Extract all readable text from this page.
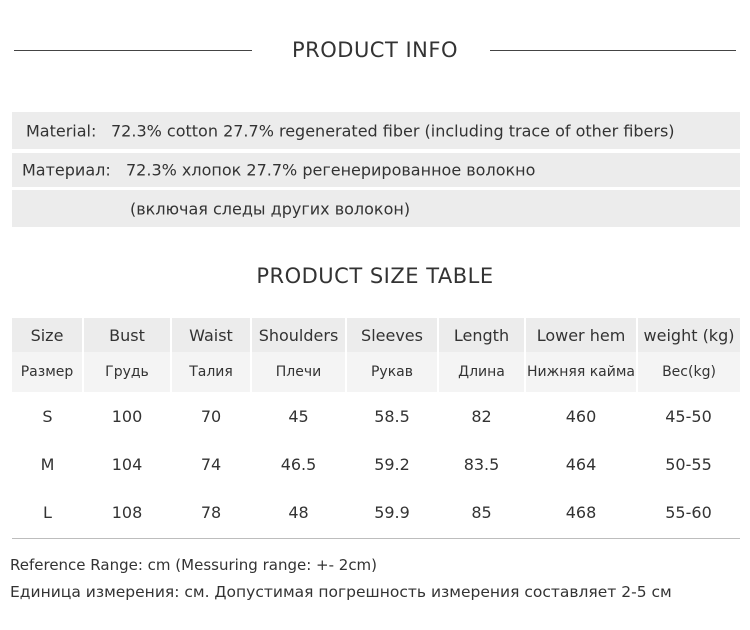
PRODUCT INFO
Material: 72.3% cotton 27.7% regenerated fiber (including trace of other fibers)
Материал: 72.3% хлопок 27.7% регенерированное волокно
(включая следы других волокон)
PRODUCT SIZE TABLE
Size	Bust	Waist	Shoulders	Sleeves	Length	Lower hem	weight (kg)
Размер	Грудь	Талия	Плечи	Рукав	Длина	Нижняя кайма	Вес(kg)
S	100	70	45	58.5	82	460	45-50
M	104	74	46.5	59.2	83.5	464	50-55
L	108	78	48	59.9	85	468	55-60
Reference Range: cm (Messuring range: +- 2cm)
Единица измерения: см. Допустимая погрешность измерения составляет 2-5 см
